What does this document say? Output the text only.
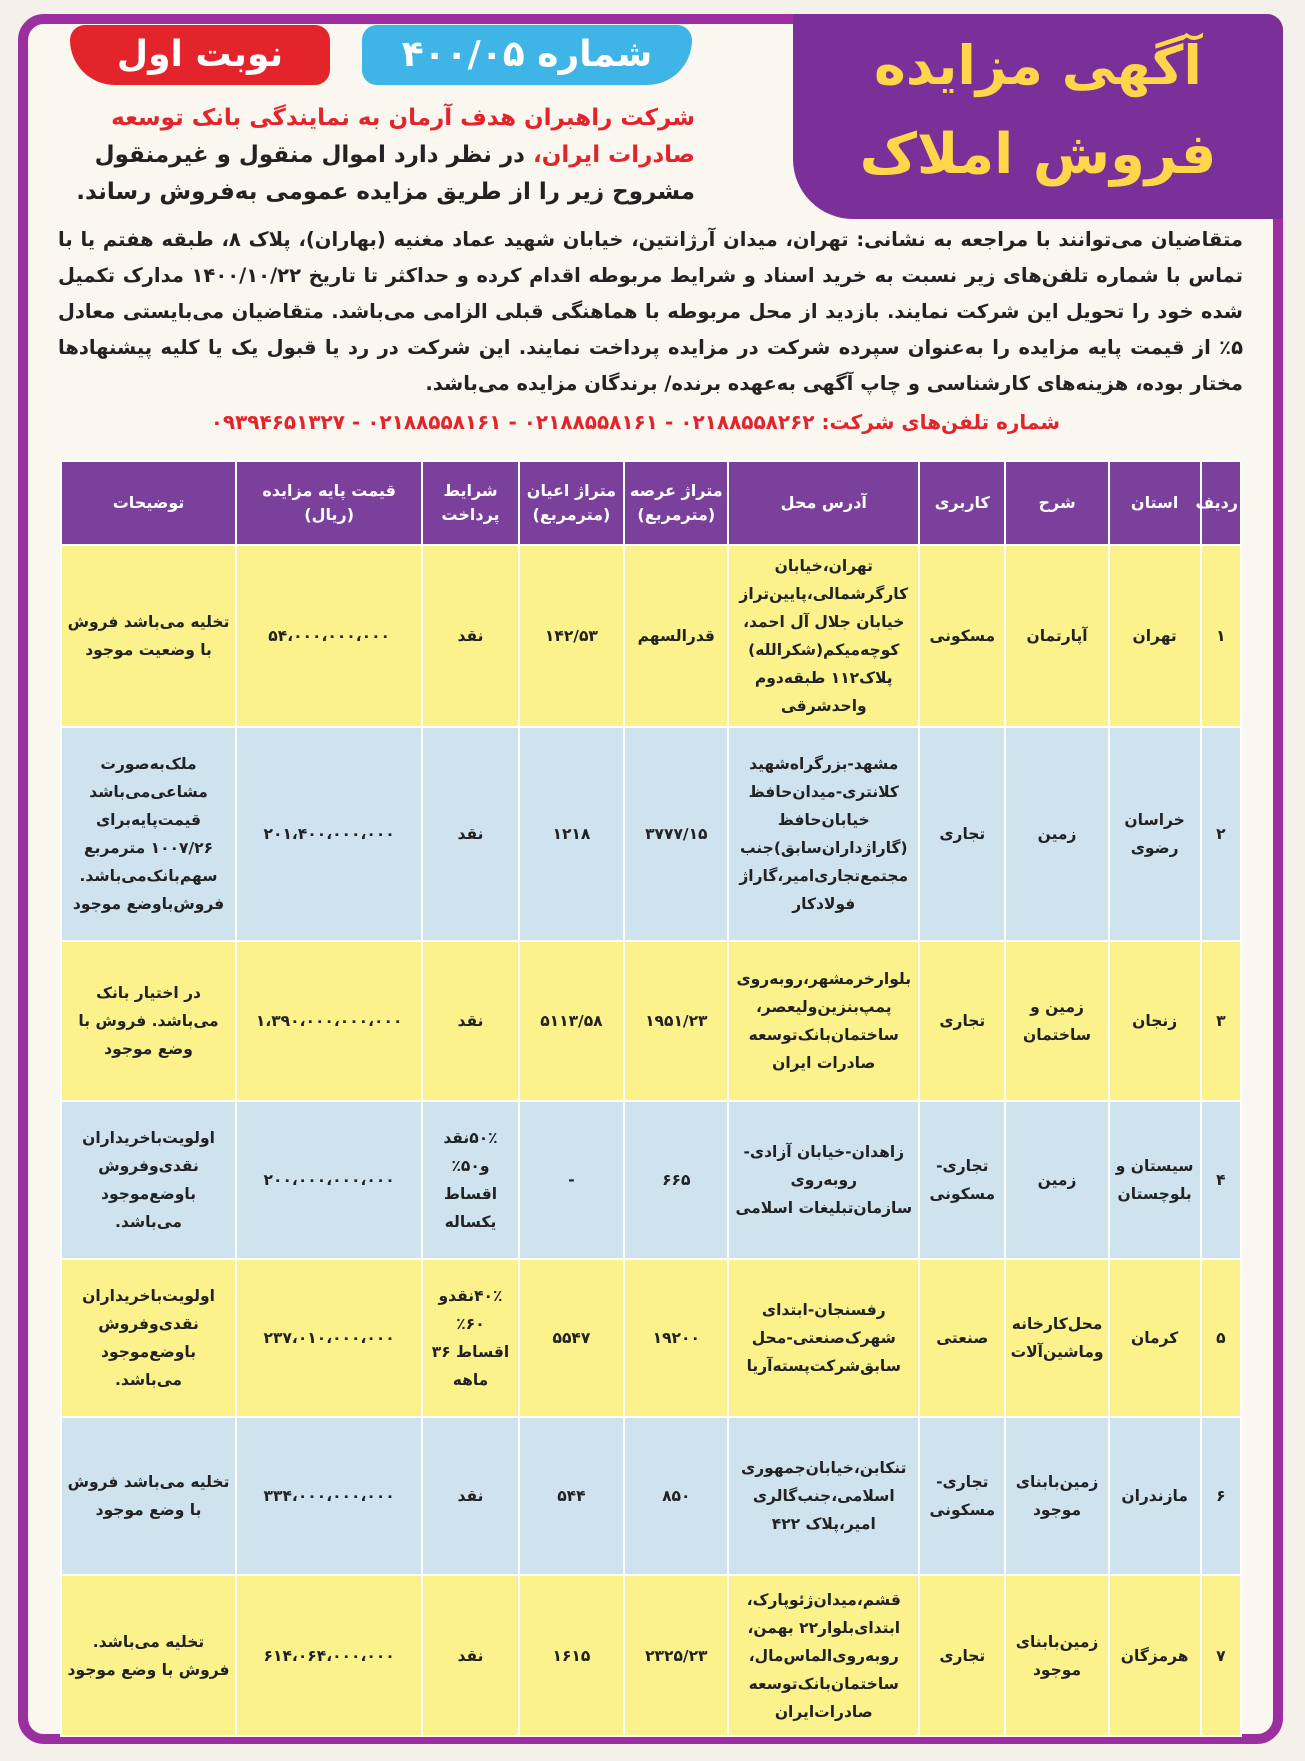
آگهی مزایده
فروش املاک
نوبت اول	شماره ۴۰۰/۰۵
شرکت راهبران هدف آرمان به نمایندگی بانک توسعه صادرات ایران، در نظر دارد اموال منقول و غیرمنقول مشروح زیر را از طریق مزایده عمومی به‌فروش رساند.
متقاضیان می‌توانند با مراجعه به نشانی: تهران، میدان آرژانتین، خیابان شهید عماد مغنیه (بهاران)، پلاک ۸، طبقه هفتم یا با تماس با شماره تلفن‌های زیر نسبت به خرید اسناد و شرایط مربوطه اقدام کرده و حداکثر تا تاریخ ۱۴۰۰/۱۰/۲۲ مدارک تکمیل شده خود را تحویل این شرکت نمایند. بازدید از محل مربوطه با هماهنگی قبلی الزامی می‌باشد. متقاضیان می‌بایستی معادل ۵٪ از قیمت پایه مزایده را به‌عنوان سپرده شرکت در مزایده پرداخت نمایند. این شرکت در رد یا قبول یک یا کلیه پیشنهادها مختار بوده، هزینه‌های کارشناسی و چاپ آگهی به‌عهده برنده/ برندگان مزایده می‌باشد.
شماره تلفن‌های شرکت: ۰۲۱۸۸۵۵۸۲۶۲ - ۰۲۱۸۸۵۵۸۱۶۱ - ۰۲۱۸۸۵۵۸۱۶۱ - ۰۹۳۹۴۶۵۱۳۲۷
ردیف	استان	شرح	کاربری	آدرس محل	متراژ عرصه (مترمربع)	متراژ اعیان (مترمربع)	شرایط پرداخت	قیمت پایه مزایده (ریال)	توضیحات
۱	تهران	آپارتمان	مسکونی	تهران،خیابان کارگرشمالی،پایین‌تراز خیابان جلال آل احمد، کوچه‌میکم(شکرالله) پلاک۱۱۲ طبقه‌دوم واحدشرقی	قدرالسهم	۱۴۲/۵۳	نقد	۵۴،۰۰۰،۰۰۰،۰۰۰	تخلیه می‌باشد فروش با وضعیت موجود
۲	خراسان رضوی	زمین	تجاری	مشهد-بزرگراه‌شهید کلانتری-میدان‌حافظ خیابان‌حافظ (گاراژداران‌سابق)جنب مجتمع‌تجاری‌امیر،گاراژ فولادکار	۳۷۷۷/۱۵	۱۲۱۸	نقد	۲۰۱،۴۰۰،۰۰۰،۰۰۰	ملک‌به‌صورت مشاعی‌می‌باشد قیمت‌پایه‌برای ۱۰۰۷/۲۶ مترمربع سهم‌بانک‌می‌باشد. فروش‌با‌وضع موجود
۳	زنجان	زمین و ساختمان	تجاری	بلوارخرمشهر،روبه‌روی پمپ‌بنزین‌ولیعصر، ساختمان‌بانک‌توسعه صادرات ایران	۱۹۵۱/۲۳	۵۱۱۳/۵۸	نقد	۱،۳۹۰،۰۰۰،۰۰۰،۰۰۰	در اختیار بانک می‌باشد. فروش با وضع موجود
۴	سیستان و بلوچستان	زمین	تجاری- مسکونی	زاهدان-خیابان آزادی-روبه‌روی سازمان‌تبلیغات اسلامی	۶۶۵	-	۵۰٪نقد و۵۰٪ اقساط یکساله	۲۰۰،۰۰۰،۰۰۰،۰۰۰	اولویت‌باخریداران نقدی‌وفروش باوضع‌موجود می‌باشد.
۵	کرمان	محل‌کارخانه وماشین‌آلات	صنعتی	رفسنجان-ابتدای شهرک‌صنعتی-محل سابق‌شرکت‌پسته‌آریا	۱۹۲۰۰	۵۵۴۷	۴۰٪نقدو ۶۰٪ اقساط ۳۶ ماهه	۲۳۷،۰۱۰،۰۰۰،۰۰۰	اولویت‌باخریداران نقدی‌وفروش باوضع‌موجود می‌باشد.
۶	مازندران	زمین‌بابنای موجود	تجاری- مسکونی	تنکابن،خیابان‌جمهوری اسلامی،جنب‌گالری امیر،پلاک ۴۲۲	۸۵۰	۵۴۴	نقد	۳۳۴،۰۰۰،۰۰۰،۰۰۰	تخلیه می‌باشد فروش با وضع موجود
۷	هرمزگان	زمین‌بابنای موجود	تجاری	قشم،میدان‌ژئوپارک، ابتدای‌بلوار۲۲ بهمن، روبه‌روی‌الماس‌مال، ساختمان‌بانک‌توسعه صادرات‌ایران	۲۳۲۵/۲۳	۱۶۱۵	نقد	۶۱۴،۰۶۴،۰۰۰،۰۰۰	تخلیه می‌باشد. فروش با وضع موجود
